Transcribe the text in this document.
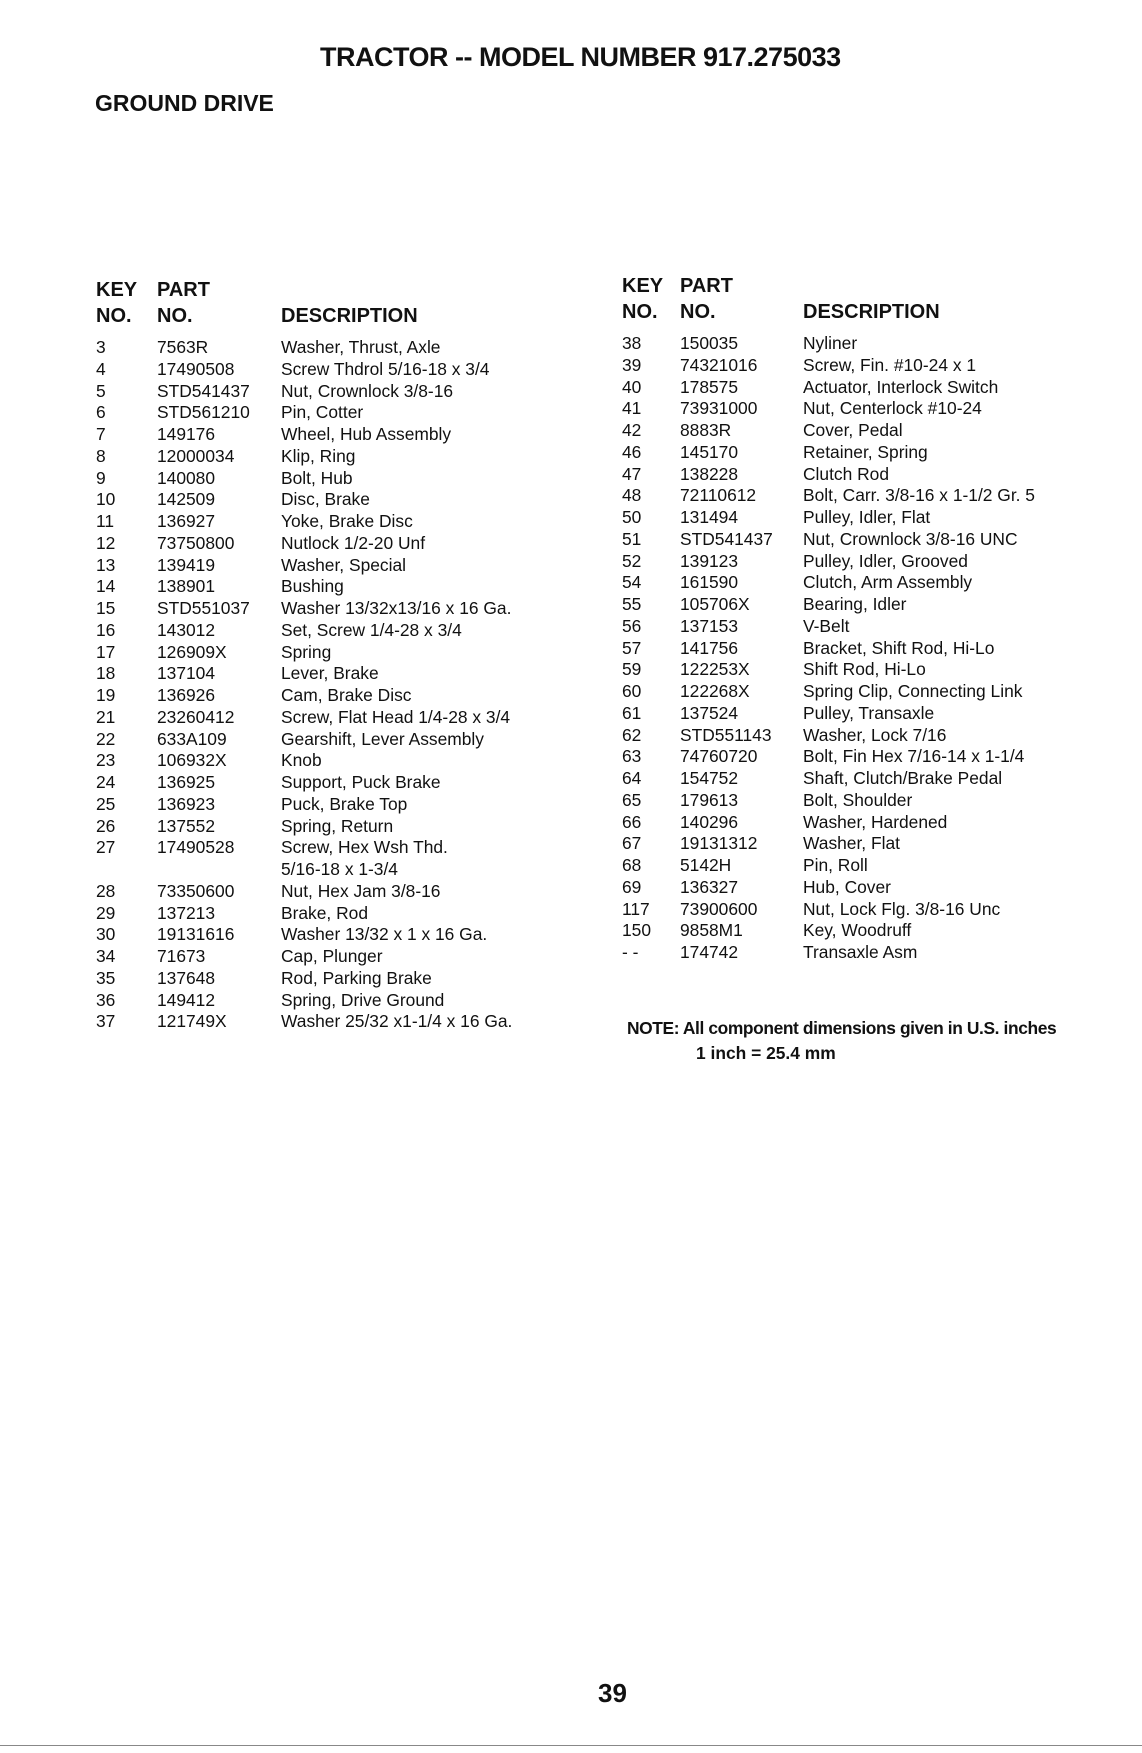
TRACTOR -- MODEL NUMBER 917.275033
GROUND DRIVE
KEY PART
NO. NO.	DESCRIPTION
3	7563R	Washer, Thrust, Axle
4	17490508	Screw Thdrol 5/16-18 x 3/4
5	STD541437	Nut, Crownlock 3/8-16
6	STD561210	Pin, Cotter
7	149176	Wheel, Hub Assembly
8	12000034	Klip, Ring
9	140080	Bolt, Hub
10	142509	Disc, Brake
11	136927	Yoke, Brake Disc
12	73750800	Nutlock 1/2-20 Unf
13	139419	Washer, Special
14	138901	Bushing
15	STD551037	Washer 13/32x13/16 x 16 Ga.
16	143012	Set, Screw 1/4-28 x 3/4
17	126909X	Spring
18	137104	Lever, Brake
19	136926	Cam, Brake Disc
21	23260412	Screw, Flat Head 1/4-28 x 3/4
22	633A109	Gearshift, Lever Assembly
23	106932X	Knob
24	136925	Support, Puck Brake
25	136923	Puck, Brake Top
26	137552	Spring, Return
27	17490528	Screw, Hex Wsh Thd.
		5/16-18 x 1-3/4
28	73350600	Nut, Hex Jam 3/8-16
29	137213	Brake, Rod
30	19131616	Washer 13/32 x 1 x 16 Ga.
34	71673	Cap, Plunger
35	137648	Rod, Parking Brake
36	149412	Spring, Drive Ground
37	121749X	Washer 25/32 x1-1/4 x 16 Ga.
KEY PART
NO. NO.	DESCRIPTION
38	150035	Nyliner
39	74321016	Screw, Fin. #10-24 x 1
40	178575	Actuator, Interlock Switch
41	73931000	Nut, Centerlock #10-24
42	8883R	Cover, Pedal
46	145170	Retainer, Spring
47	138228	Clutch Rod
48	72110612	Bolt, Carr. 3/8-16 x 1-1/2 Gr. 5
50	131494	Pulley, Idler, Flat
51	STD541437	Nut, Crownlock 3/8-16 UNC
52	139123	Pulley, Idler, Grooved
54	161590	Clutch, Arm Assembly
55	105706X	Bearing, Idler
56	137153	V-Belt
57	141756	Bracket, Shift Rod, Hi-Lo
59	122253X	Shift Rod, Hi-Lo
60	122268X	Spring Clip, Connecting Link
61	137524	Pulley, Transaxle
62	STD551143	Washer, Lock 7/16
63	74760720	Bolt, Fin Hex 7/16-14 x 1-1/4
64	154752	Shaft, Clutch/Brake Pedal
65	179613	Bolt, Shoulder
66	140296	Washer, Hardened
67	19131312	Washer, Flat
68	5142H	Pin, Roll
69	136327	Hub, Cover
117	73900600	Nut, Lock Flg. 3/8-16 Unc
150	9858M1	Key, Woodruff
- -	174742	Transaxle Asm
NOTE: All component dimensions given in U.S. inches
1 inch = 25.4 mm
39
